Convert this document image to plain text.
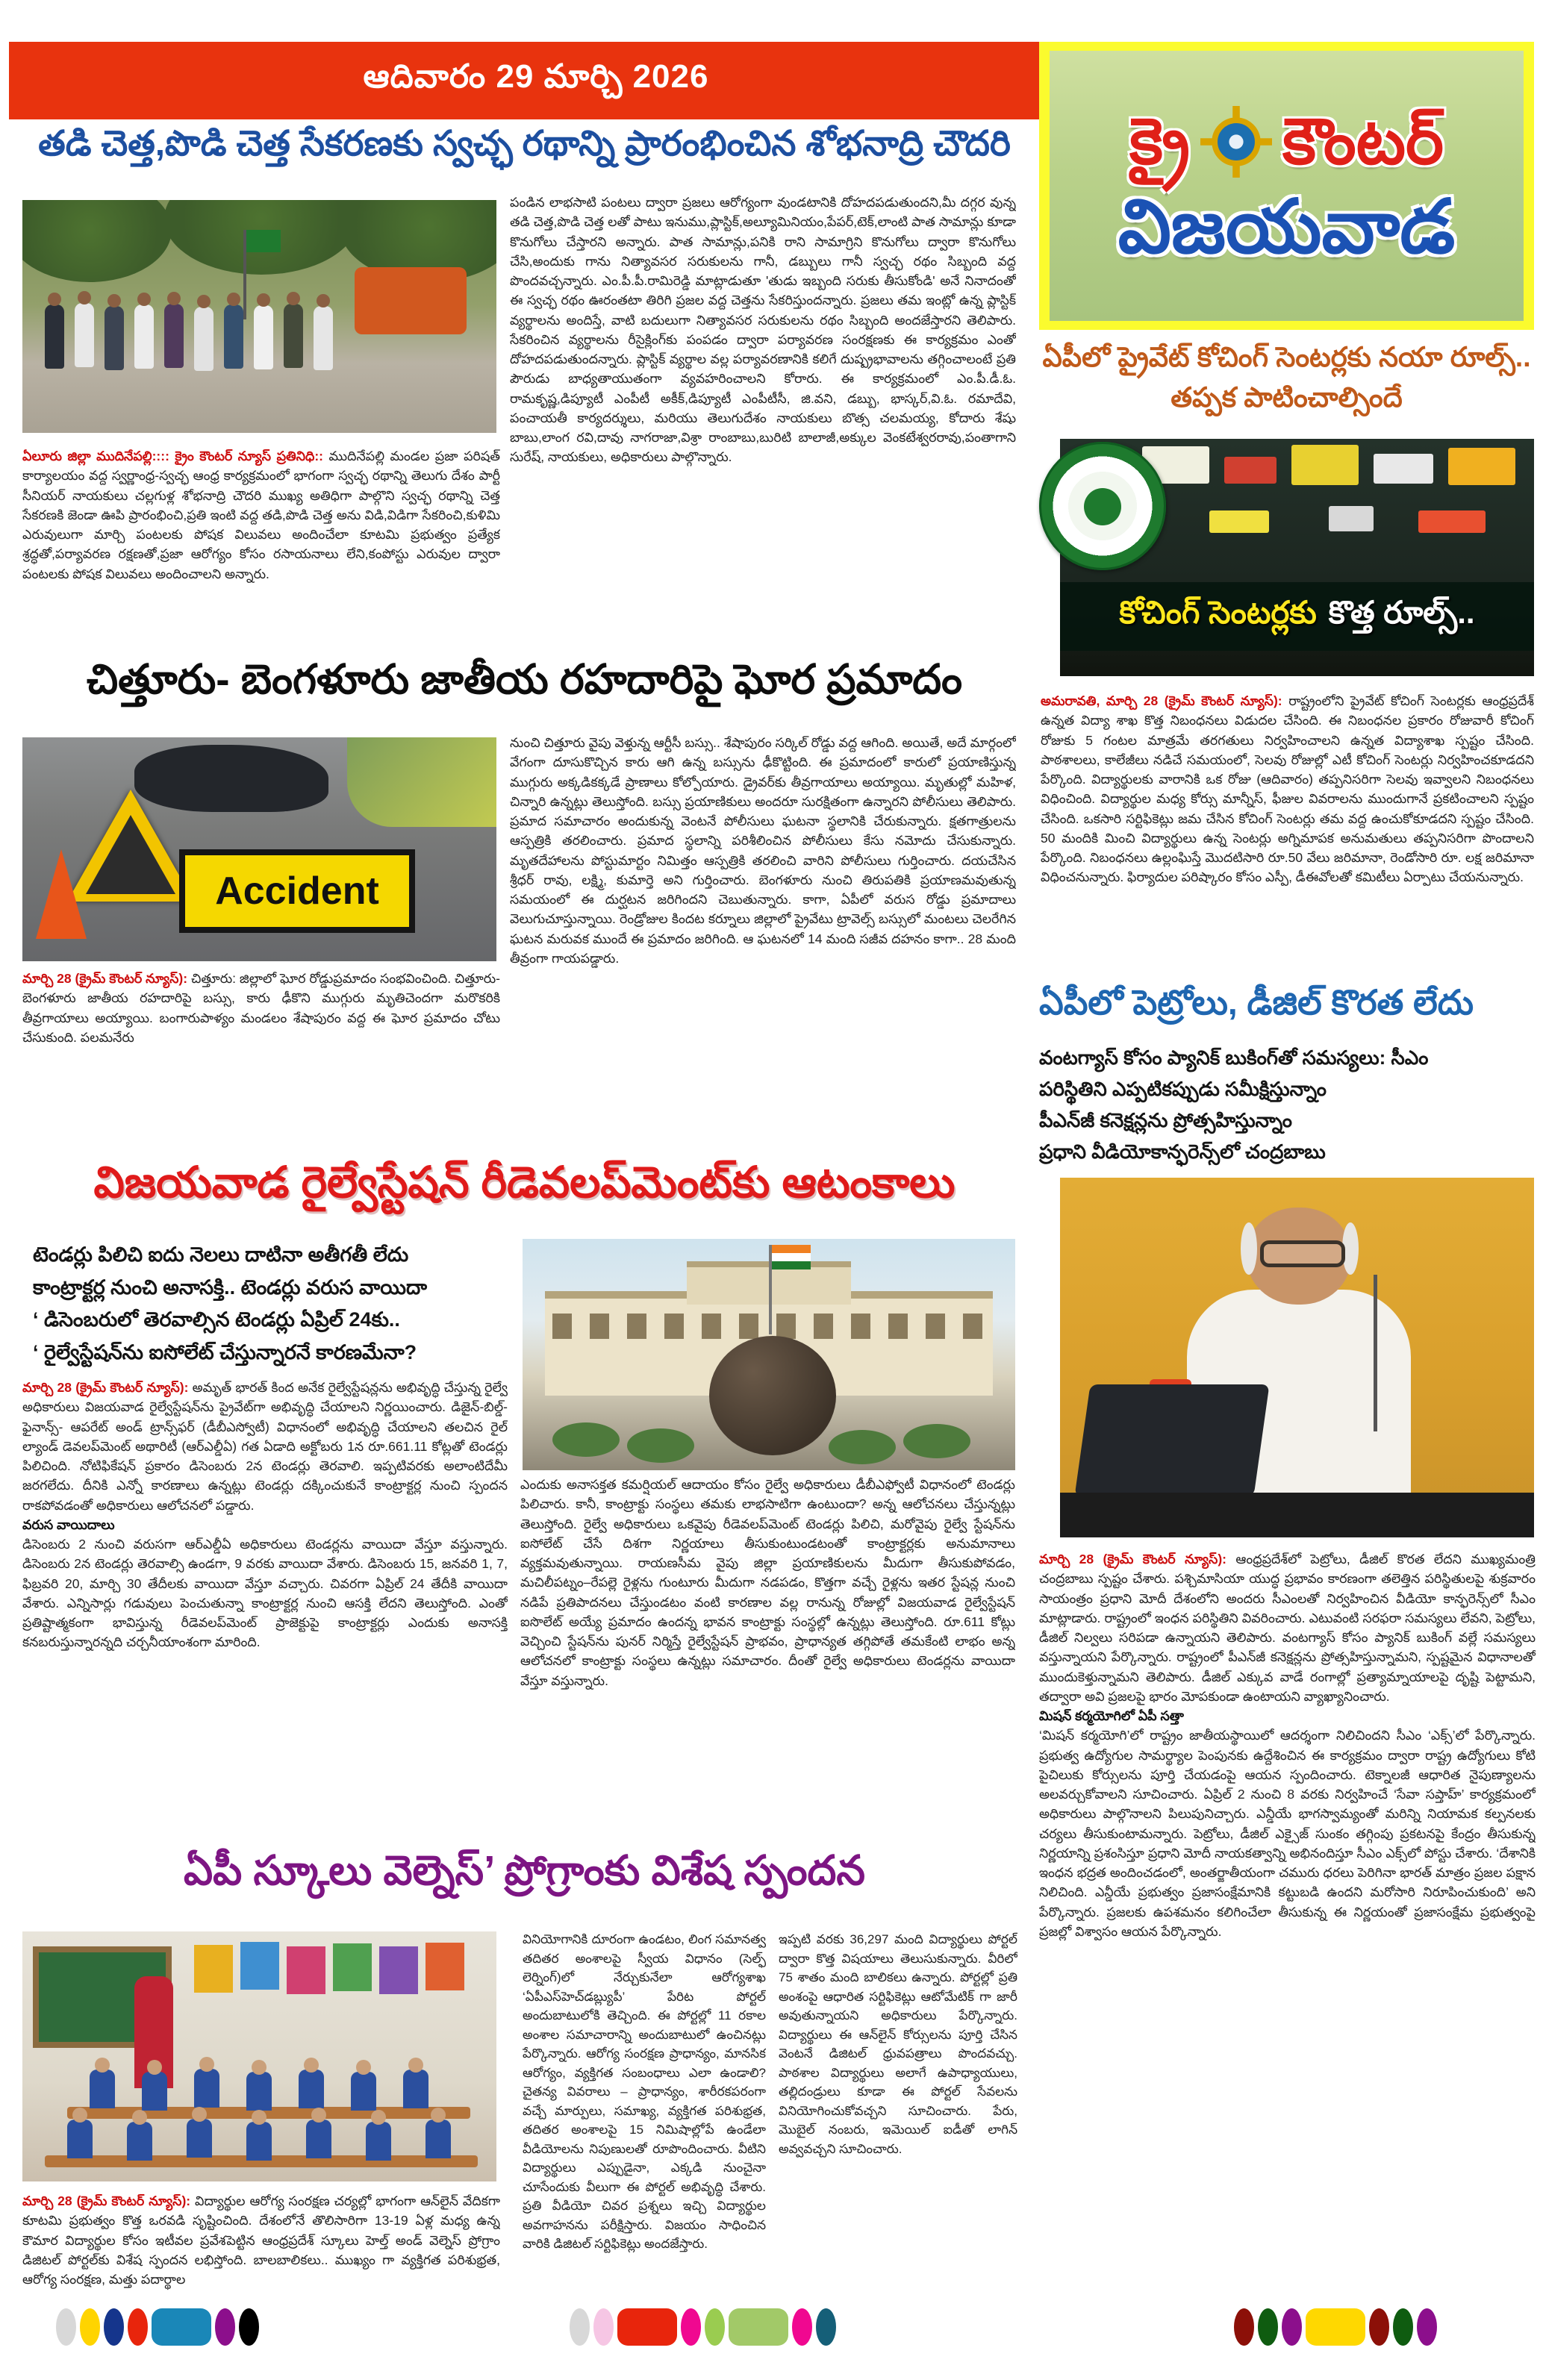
ఆదివారం 29 మార్చి 2026
క్రై కౌంటర్
విజయవాడ
తడి చెత్త,పొడి చెత్త సేకరణకు స్వచ్ఛ రథాన్ని ప్రారంభించిన శోభనాద్రి చౌదరి
పండిన లాభసాటి పంటలు ద్వారా ప్రజలు ఆరోగ్యంగా వుండటానికి దోహదపడుతుందని,మీ దగ్గర వున్న తడి చెత్త,పొడి చెత్త లతో పాటు ఇనుము,ప్లాస్టిక్,అల్యూమినియం,పేపర్,టెక్,లాంటి పాత సామాన్లు కూడా కొనుగోలు చేస్తారని అన్నారు. పాత సామాన్లు,పనికి రాని సామాగ్రిని కొనుగోలు ద్వారా కొనుగోలు చేసి,అందుకు గాను నిత్యావసర సరుకులను గానీ, డబ్బులు గానీ స్వచ్ఛ రథం సిబ్బంది వద్ద పొందవచ్చన్నారు. ఎం.పీ.పీ.రామిరెడ్డి మాట్లాడుతూ 'తుడు ఇబ్బంది సరుకు తీసుకోండి' అనే నినాదంతో ఈ స్వచ్ఛ రథం ఊరంతటా తిరిగి ప్రజల వద్ద చెత్తను సేకరిస్తుందన్నారు. ప్రజలు తమ ఇంట్లో ఉన్న ప్లాస్టిక్ వ్యర్థాలను అందిస్తే, వాటి బదులుగా నిత్యావసర సరుకులను రథం సిబ్బంది అందజేస్తారని తెలిపారు. సేకరించిన వ్యర్థాలను రీసైక్లింగ్‌కు పంపడం ద్వారా పర్యావరణ సంరక్షణకు ఈ కార్యక్రమం ఎంతో దోహదపడుతుందన్నారు. ప్లాస్టిక్ వ్యర్థాల వల్ల పర్యావరణానికి కలిగే దుష్ప్రభావాలను తగ్గించాలంటే ప్రతి పౌరుడు బాధ్యతాయుతంగా వ్యవహరించాలని కోరారు. ఈ కార్యక్రమంలో ఎం.పీ.డీ.ఓ. రామకృష్ణ,డిప్యూటీ ఎంపీటీ అకీక్,డిప్యూటీ ఎంపీటీసీ, జి.వని, డబ్బు, భాస్కర్,వి.ఓ. రమాదేవి, పంచాయతీ కార్యదర్శులు, మరియు తెలుగుదేశం నాయకులు బొత్స చలమయ్య, కోదారు శేషు బాబు,లాంగ రవి,దావు నాగరాజా,విశ్రా రాంబాబు,బురిటి బాలాజీ,అక్కుల వెంకటేశ్వరరావు,పంతాగాని సురేష్, నాయకులు, అధికారులు పాల్గొన్నారు.
ఏలూరు జిల్లా ముదినేపల్లి:::: క్రైం కౌంటర్ న్యూస్ ప్రతినిధి:: ముదినేపల్లి మండల ప్రజా పరిషత్ కార్యాలయం వద్ద స్వర్ణాంధ్ర-స్వచ్ఛ ఆంధ్ర కార్యక్రమంలో భాగంగా స్వచ్ఛ రథాన్ని తెలుగు దేశం పార్టీ సీనియర్ నాయకులు చల్లగుళ్ల శోభనాద్రి చౌదరి ముఖ్య అతిధిగా పాల్గొని స్వచ్ఛ రథాన్ని చెత్త సేకరణకి జెండా ఊపి ప్రారంభించి,ప్రతి ఇంటి వద్ద తడి,పొడి చెత్త అను విడి,విడిగా సేకరించి,కుళిమి ఎరువులుగా మార్చి పంటలకు పోషక విలువలు అందించేలా కూటమి ప్రభుత్వం ప్రత్యేక శ్రద్ధతో,పర్యావరణ రక్షణతో,ప్రజా ఆరోగ్యం కోసం రసాయనాలు లేని,కంపోస్టు ఎరువుల ద్వారా పంటలకు పోషక విలువలు అందించాలని అన్నారు.
చిత్తూరు- బెంగళూరు జాతీయ రహదారిపై ఘోర ప్రమాదం
Accident
నుంచి చిత్తూరు వైపు వెళ్తున్న ఆర్టీసీ బస్సు.. శేషాపురం సర్కిల్ రోడ్డు వద్ద ఆగింది. అయితే, అదే మార్గంలో వేగంగా దూసుకొచ్చిన కారు ఆగి ఉన్న బస్సును ఢీకొట్టింది. ఈ ప్రమాదంలో కారులో ప్రయాణిస్తున్న ముగ్గురు అక్కడికక్కడే ప్రాణాలు కోల్పోయారు. డ్రైవర్‌కు తీవ్రగాయాలు అయ్యాయి. మృతుల్లో మహిళ, చిన్నారి ఉన్నట్లు తెలుస్తోంది. బస్సు ప్రయాణికులు అందరూ సురక్షితంగా ఉన్నారని పోలీసులు తెలిపారు. ప్రమాద సమాచారం అందుకున్న వెంటనే పోలీసులు ఘటనా స్థలానికి చేరుకున్నారు. క్షతగాత్రులను ఆస్పత్రికి తరలించారు. ప్రమాద స్థలాన్ని పరిశీలించిన పోలీసులు కేసు నమోదు చేసుకున్నారు. మృతదేహాలను పోస్టుమార్టం నిమిత్తం ఆస్పత్రికి తరలించి వారిని పోలీసులు గుర్తించారు. దయచేసిన శ్రీధర్ రావు, లక్ష్మి, కుమార్తె అని గుర్తించారు. బెంగళూరు నుంచి తిరుపతికి ప్రయాణమవుతున్న సమయంలో ఈ దుర్ఘటన జరిగిందని చెబుతున్నారు. కాగా, ఏపీలో వరుస రోడ్డు ప్రమాదాలు వెలుగుచూస్తున్నాయి. రెండ్రోజుల కిందట కర్నూలు జిల్లాలో ప్రైవేటు ట్రావెల్స్ బస్సులో మంటలు చెలరేగిన ఘటన మరువక ముందే ఈ ప్రమాదం జరిగింది. ఆ ఘటనలో 14 మంది సజీవ దహనం కాగా.. 28 మంది తీవ్రంగా గాయపడ్డారు.
మార్చి 28 (క్రైమ్ కౌంటర్ న్యూస్): చిత్తూరు: జిల్లాలో ఘోర రోడ్డుప్రమాదం సంభవించింది. చిత్తూరు-బెంగళూరు జాతీయ రహదారిపై బస్సు, కారు ఢీకొని ముగ్గురు మృతిచెందగా మరొకరికి తీవ్రగాయాలు అయ్యాయి. బంగారుపాళ్యం మండలం శేషాపురం వద్ద ఈ ఘోర ప్రమాదం చోటు చేసుకుంది. పలమనేరు
విజయవాడ రైల్వేస్టేషన్ రీడెవలప్‌మెంట్‌కు ఆటంకాలు
టెండర్లు పిలిచి ఐదు నెలలు దాటినా అతీగతీ లేదు
కాంట్రాక్టర్ల నుంచి అనాసక్తి.. టెండర్లు వరుస వాయిదా
‘ డిసెంబరులో తెరవాల్సిన టెండర్లు ఏప్రిల్ 24కు..
‘ రైల్వేస్టేషన్‌ను ఐసోలేట్ చేస్తున్నారనే కారణమేనా?
మార్చి 28 (క్రైమ్ కౌంటర్ న్యూస్): అమృత్ భారత్ కింద అనేక రైల్వేస్టేషన్లను అభివృద్ధి చేస్తున్న రైల్వే అధికారులు విజయవాడ రైల్వేస్టేషన్‌ను ప్రైవేట్‌గా అభివృద్ధి చేయాలని నిర్ణయించారు. డిజైన్-బిల్డ్- ఫైనాన్స్- ఆపరేట్ అండ్ ట్రాన్స్‌ఫర్ (డీబీఎస్వోటీ) విధానంలో అభివృద్ధి చేయాలని తలచిన రైల్ ల్యాండ్ డెవలప్‌మెంట్ అథారిటీ (ఆర్ఎల్డీఏ) గత ఏడాది అక్టోబరు 1న రూ.661.11 కోట్లతో టెండర్లు పిలిచింది. నోటిఫికేషన్ ప్రకారం డిసెంబరు 2న టెండర్లు తెరవాలి. ఇప్పటివరకు అలాంటిదేమీ జరగలేదు. దీనికి ఎన్నో కారణాలు ఉన్నట్లు టెండర్లు దక్కించుకునే కాంట్రాక్టర్ల నుంచి స్పందన రాకపోవడంతో అధికారులు ఆలోచనలో పడ్డారు.
వరుస వాయిదాలు
డిసెంబరు 2 నుంచి వరుసగా ఆర్ఎల్డీఏ అధికారులు టెండర్లను వాయిదా వేస్తూ వస్తున్నారు. డిసెంబరు 2న టెండర్లు తెరవాల్సి ఉండగా, 9 వరకు వాయిదా వేశారు. డిసెంబరు 15, జనవరి 1, 7, ఫిబ్రవరి 20, మార్చి 30 తేదీలకు వాయిదా వేస్తూ వచ్చారు. చివరగా ఏప్రిల్ 24 తేదీకి వాయిదా వేశారు. ఎన్నిసార్లు గడువులు పెంచుతున్నా కాంట్రాక్టర్ల నుంచి ఆసక్తి లేదని తెలుస్తోంది. ఎంతో ప్రతిష్టాత్మకంగా భావిస్తున్న రీడెవలప్‌మెంట్ ప్రాజెక్టుపై కాంట్రాక్టర్లు ఎందుకు అనాసక్తి కనబరుస్తున్నారన్నది చర్చనీయాంశంగా మారింది.
ఎందుకు అనాసక్తత కమర్షియల్ ఆదాయం కోసం రైల్వే అధికారులు డీబీఎఫ్వోటీ విధానంలో టెండర్లు పిలిచారు. కానీ, కాంట్రాక్టు సంస్థలు తమకు లాభసాటిగా ఉంటుందా? అన్న ఆలోచనలు చేస్తున్నట్లు తెలుస్తోంది. రైల్వే అధికారులు ఒకవైపు రీడెవలప్‌మెంట్ టెండర్లు పిలిచి, మరోవైపు రైల్వే స్టేషన్‌ను ఐసోలేట్ చేసే దిశగా నిర్ణయాలు తీసుకుంటుండటంతో కాంట్రాక్టర్లకు అనుమానాలు వ్యక్తమవుతున్నాయి. రాయణసీమ వైపు జిల్లా ప్రయాణికులను మీదుగా తీసుకుపోవడం, మచిలీపట్నం–రేపల్లె రైళ్లను గుంటూరు మీదుగా నడపడం, కొత్తగా వచ్చే రైళ్లను ఇతర స్టేషన్ల నుంచి నడిపే ప్రతిపాదనలు చేస్తుండటం వంటి కారణాల వల్ల రానున్న రోజుల్లో విజయవాడ రైల్వేస్టేషన్ ఐసొలేట్ అయ్యే ప్రమాదం ఉందన్న భావన కాంట్రాక్టు సంస్థల్లో ఉన్నట్లు తెలుస్తోంది. రూ.611 కోట్లు వెచ్చించి స్టేషన్‌ను పునర్ నిర్మిస్తే రైల్వేస్టేషన్ ప్రాభవం, ప్రాధాన్యత తగ్గిపోతే తమకేంటి లాభం అన్న ఆలోచనలో కాంట్రాక్టు సంస్థలు ఉన్నట్లు సమాచారం. దీంతో రైల్వే అధికారులు టెండర్లను వాయిదా వేస్తూ వస్తున్నారు.
ఏపీ స్కూలు వెల్నెస్’ ప్రోగ్రాంకు విశేష స్పందన
మార్చి 28 (క్రైమ్ కౌంటర్ న్యూస్): విద్యార్థుల ఆరోగ్య సంరక్షణ చర్యల్లో భాగంగా ఆన్‌లైన్ వేదికగా కూటమి ప్రభుత్వం కొత్త ఒరవడి సృష్టించింది. దేశంలోనే తొలిసారిగా 13-19 ఏళ్ల మధ్య ఉన్న కౌమార విద్యార్థుల కోసం ఇటీవల ప్రవేశపెట్టిన ఆంధ్రప్రదేశ్ స్కూలు హెల్త్ అండ్ వెల్నెస్ ప్రోగ్రాం డిజిటల్ పోర్టల్‌కు విశేష స్పందన లభిస్తోంది. బాలబాలికలు.. ముఖ్యం గా వ్యక్తిగత పరిశుభ్రత, ఆరోగ్య సంరక్షణ, మత్తు పదార్థాల
వినియోగానికి దూరంగా ఉండటం, లింగ సమానత్వ తదితర అంశాలపై స్వీయ విధానం (సెల్ఫ్ లెర్నింగ్)లో నేర్చుకునేలా ఆరోగ్యశాఖ ‘ఏపీఎస్‌హెచ్‌డబ్ల్యుపీ’ పేరిట పోర్టల్ అందుబాటులోకి తెచ్చింది. ఈ పోర్టల్లో 11 రకాల అంశాల సమాచారాన్ని అందుబాటులో ఉంచినట్లు పేర్కొన్నారు. ఆరోగ్య సంరక్షణ ప్రాధాన్యం, మానసిక ఆరోగ్యం, వ్యక్తిగత సంబంధాలు ఎలా ఉండాలి? చైతన్య వివరాలు – ప్రాధాన్యం, శారీరకపరంగా వచ్చే మార్పులు, సమాఖ్య, వ్యక్తిగత పరిశుభ్రత, తదితర అంశాలపై 15 నిమిషాల్లోపే ఉండేలా వీడియోలను నిపుణులతో రూపొందించారు. వీటిని విద్యార్థులు ఎప్పుడైనా, ఎక్కడి నుంచైనా చూసేందుకు వీలుగా ఈ పోర్టల్ అభివృద్ధి చేశారు. ప్రతి వీడియో చివర ప్రశ్నలు ఇచ్చి విద్యార్థుల అవగాహనను పరీక్షిస్తారు. విజయం సాధించిన వారికి డిజిటల్ సర్టిఫికెట్లు అందజేస్తారు.
ఇప్పటి వరకు 36,297 మంది విద్యార్థులు పోర్టల్ ద్వారా కొత్త విషయాలు తెలుసుకున్నారు. వీరిలో 75 శాతం మంది బాలికలు ఉన్నారు. పోర్టల్లో ప్రతి అంశంపై ఆధారిత సర్టిఫికెట్లు ఆటోమేటిక్ గా జారీ అవుతున్నాయని అధికారులు పేర్కొన్నారు. విద్యార్థులు ఈ ఆన్‌లైన్ కోర్సులను పూర్తి చేసిన వెంటనే డిజిటల్ ధ్రువపత్రాలు పొందవచ్చు. పాఠశాల విద్యార్థులు అలాగే ఉపాధ్యాయులు, తల్లిదండ్రులు కూడా ఈ పోర్టల్ సేవలను వినియోగించుకోవచ్చని సూచించారు. పేరు, మొబైల్ నంబరు, ఇమెయిల్ ఐడీతో లాగిన్ అవ్వవచ్చని సూచించారు.
ఏపీలో ప్రైవేట్ కోచింగ్ సెంటర్లకు నయా రూల్స్.. తప్పక పాటించాల్సిందే
కోచింగ్ సెంటర్లకు కొత్త రూల్స్..
అమరావతి, మార్చి 28 (క్రైమ్ కౌంటర్ న్యూస్): రాష్ట్రంలోని ప్రైవేట్ కోచింగ్ సెంటర్లకు ఆంధ్రప్రదేశ్ ఉన్నత విద్యా శాఖ కొత్త నిబంధనలు విడుదల చేసింది. ఈ నిబంధనల ప్రకారం రోజువారీ కోచింగ్ రోజుకు 5 గంటల మాత్రమే తరగతులు నిర్వహించాలని ఉన్నత విద్యాశాఖ స్పష్టం చేసింది. పాఠశాలలు, కాలేజీలు నడిచే సమయంలో, సెలవు రోజుల్లో ఎటీ కోచింగ్ సెంటర్లు నిర్వహించకూడదని పేర్కొంది. విద్యార్థులకు వారానికి ఒక రోజు (ఆదివారం) తప్పనిసరిగా సెలవు ఇవ్వాలని నిబంధనలు విధించింది. విద్యార్థుల మధ్య కోర్సు మాన్నీస్, ఫీజుల వివరాలను ముందుగానే ప్రకటించాలని స్పష్టం చేసింది. ఒకసారి సర్టిఫికెట్లు జమ చేసిన కోచింగ్ సెంటర్లు తమ వద్ద ఉంచుకోకూడదని స్పష్టం చేసింది. 50 మందికి మించి విద్యార్థులు ఉన్న సెంటర్లు అగ్నిమాపక అనుమతులు తప్పనిసరిగా పొందాలని పేర్కొంది. నిబంధనలు ఉల్లంఘిస్తే మొదటిసారి రూ.50 వేలు జరిమానా, రెండోసారి రూ. లక్ష జరిమానా విధించనున్నారు. ఫిర్యాదుల పరిష్కారం కోసం ఎస్పీ, డీఈవోలతో కమిటీలు ఏర్పాటు చేయనున్నారు.
ఏపీలో పెట్రోలు, డీజిల్ కొరత లేదు
వంటగ్యాస్ కోసం ప్యానిక్ బుకింగ్‌తో సమస్యలు: సీఎం
పరిస్థితిని ఎప్పటికప్పుడు సమీక్షిస్తున్నాం
పీఎన్‌జీ కనెక్షన్లను ప్రోత్సహిస్తున్నాం
ప్రధాని వీడియోకాన్ఫరెన్స్‌లో చంద్రబాబు
మార్చి 28 (క్రైమ్ కౌంటర్ న్యూస్): ఆంధ్రప్రదేశ్‌లో పెట్రోలు, డీజిల్ కొరత లేదని ముఖ్యమంత్రి చంద్రబాబు స్పష్టం చేశారు. పశ్చిమాసియా యుద్ధ ప్రభావం కారణంగా తలెత్తిన పరిస్థితులపై శుక్రవారం సాయంత్రం ప్రధాని మోదీ దేశంలోని అందరు సీఎంలతో నిర్వహించిన వీడియో కాన్ఫరెన్స్‌లో సీఎం మాట్లాడారు. రాష్ట్రంలో ఇంధన పరిస్థితిని వివరించారు. ఎటువంటి సరఫరా సమస్యలు లేవని, పెట్రోలు, డీజిల్ నిల్వలు సరిపడా ఉన్నాయని తెలిపారు. వంటగ్యాస్ కోసం ప్యానిక్ బుకింగ్ వల్లే సమస్యలు వస్తున్నాయని పేర్కొన్నారు. రాష్ట్రంలో పీఎన్‌జీ కనెక్షన్లను ప్రోత్సహిస్తున్నామని, స్పష్టమైన విధానాలతో ముందుకెళ్తున్నామని తెలిపారు. డీజిల్ ఎక్కువ వాడే రంగాల్లో ప్రత్యామ్నాయాలపై దృష్టి పెట్టామని, తద్వారా అవి ప్రజలపై భారం మోపకుండా ఉంటాయని వ్యాఖ్యానించారు.
మిషన్ కర్మయోగిలో ఏపీ సత్తా
‘మిషన్ కర్మయోగి’లో రాష్ట్రం జాతీయస్థాయిలో ఆదర్శంగా నిలిచిందని సీఎం ‘ఎక్స్’లో పేర్కొన్నారు. ప్రభుత్వ ఉద్యోగుల సామర్థ్యాల పెంపునకు ఉద్దేశించిన ఈ కార్యక్రమం ద్వారా రాష్ట్ర ఉద్యోగులు కోటి పైచిలుకు కోర్సులను పూర్తి చేయడంపై ఆయన స్పందించారు. టెక్నాలజీ ఆధారిత నైపుణ్యాలను అలవర్చుకోవాలని సూచించారు. ఏప్రిల్ 2 నుంచి 8 వరకు నిర్వహించే ‘సేవా సప్తాహ్’ కార్యక్రమంలో అధికారులు పాల్గొనాలని పిలుపునిచ్చారు. ఎన్డీయే భాగస్వామ్యంతో మరిన్ని నియామక కల్పనలకు చర్యలు తీసుకుంటామన్నారు. పెట్రోలు, డీజిల్ ఎక్సైజ్ సుంకం తగ్గింపు ప్రకటనపై కేంద్రం తీసుకున్న నిర్ణయాన్ని ప్రశంసిస్తూ ప్రధాని మోదీ నాయకత్వాన్ని అభినందిస్తూ సీఎం ఎక్స్‌లో పోస్టు చేశారు. ‘దేశానికి ఇంధన భద్రత అందించడంలో, అంతర్జాతీయంగా చమురు ధరలు పెరిగినా భారత్ మాత్రం ప్రజల పక్షాన నిలిచింది. ఎన్డీయే ప్రభుత్వం ప్రజాసంక్షేమానికి కట్టుబడి ఉందని మరోసారి నిరూపించుకుంది’ అని పేర్కొన్నారు. ప్రజలకు ఉపశమనం కలిగించేలా తీసుకున్న ఈ నిర్ణయంతో ప్రజాసంక్షేమ ప్రభుత్వంపై ప్రజల్లో విశ్వాసం ఆయన పేర్కొన్నారు.
